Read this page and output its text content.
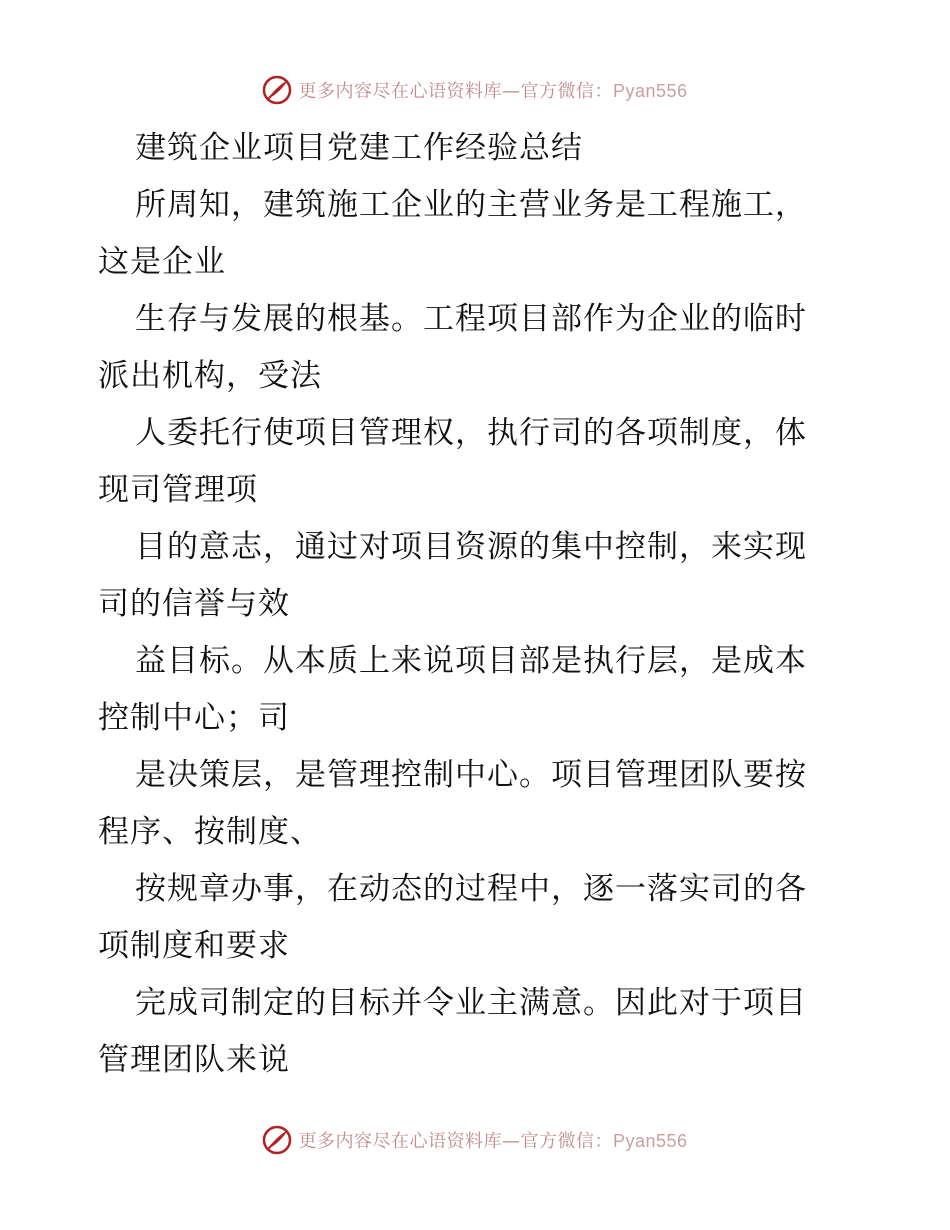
更多内容尽在心语资料库—官方微信：Pyan556
建筑企业项目党建工作经验总结
所周知，建筑施工企业的主营业务是工程施工，
这是企业
生存与发展的根基。工程项目部作为企业的临时
派出机构，受法
人委托行使项目管理权，执行司的各项制度，体
现司管理项
目的意志，通过对项目资源的集中控制，来实现
司的信誉与效
益目标。从本质上来说项目部是执行层，是成本
控制中心；司
是决策层，是管理控制中心。项目管理团队要按
程序、按制度、
按规章办事，在动态的过程中，逐一落实司的各
项制度和要求
完成司制定的目标并令业主满意。因此对于项目
管理团队来说
更多内容尽在心语资料库—官方微信：Pyan556
